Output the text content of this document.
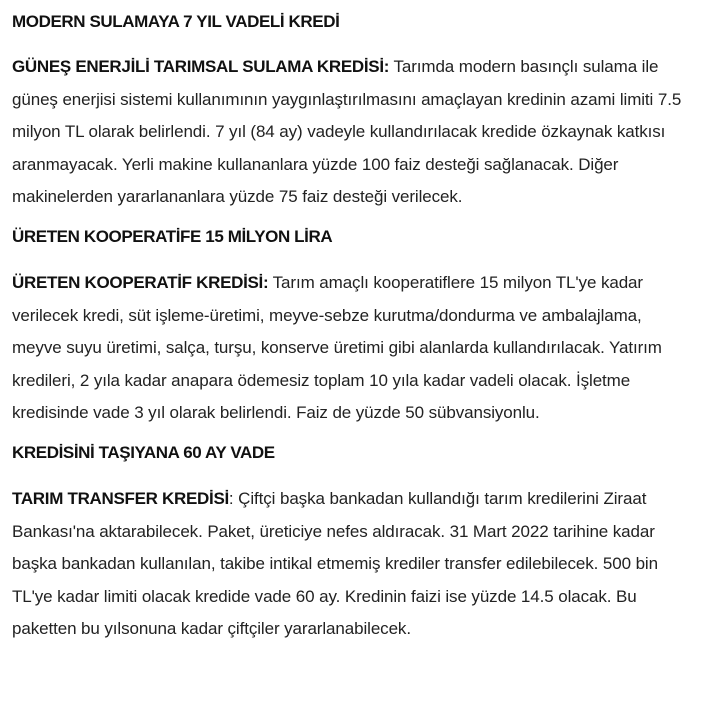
MODERN SULAMAYA 7 YIL VADELİ KREDİ

GÜNEŞ ENERJİLİ TARIMSAL SULAMA KREDİSİ: Tarımda modern basınçlı sulama ile güneş enerjisi sistemi kullanımının yaygınlaştırılmasını amaçlayan kredinin azami limiti 7.5 milyon TL olarak belirlendi. 7 yıl (84 ay) vadeyle kullandırılacak kredide özkaynak katkısı aranmayacak. Yerli makine kullananlara yüzde 100 faiz desteği sağlanacak. Diğer makinelerden yararlananlara yüzde 75 faiz desteği verilecek.

ÜRETEN KOOPERATİFE 15 MİLYON LİRA

ÜRETEN KOOPERATİF KREDİSİ: Tarım amaçlı kooperatiflere 15 milyon TL'ye kadar verilecek kredi, süt işleme-üretimi, meyve-sebze kurutma/dondurma ve ambalajlama, meyve suyu üretimi, salça, turşu, konserve üretimi gibi alanlarda kullandırılacak. Yatırım kredileri, 2 yıla kadar anapara ödemesiz toplam 10 yıla kadar vadeli olacak. İşletme kredisinde vade 3 yıl olarak belirlendi. Faiz de yüzde 50 sübvansiyonlu.

KREDİSİNİ TAŞIYANA 60 AY VADE

TARIM TRANSFER KREDİSİ: Çiftçi başka bankadan kullandığı tarım kredilerini Ziraat Bankası'na aktarabilecek. Paket, üreticiye nefes aldıracak. 31 Mart 2022 tarihine kadar başka bankadan kullanılan, takibe intikal etmemiş krediler transfer edilebilecek. 500 bin TL'ye kadar limiti olacak kredide vade 60 ay. Kredinin faizi ise yüzde 14.5 olacak. Bu paketten bu yılsonuna kadar çiftçiler yararlanabilecek.
